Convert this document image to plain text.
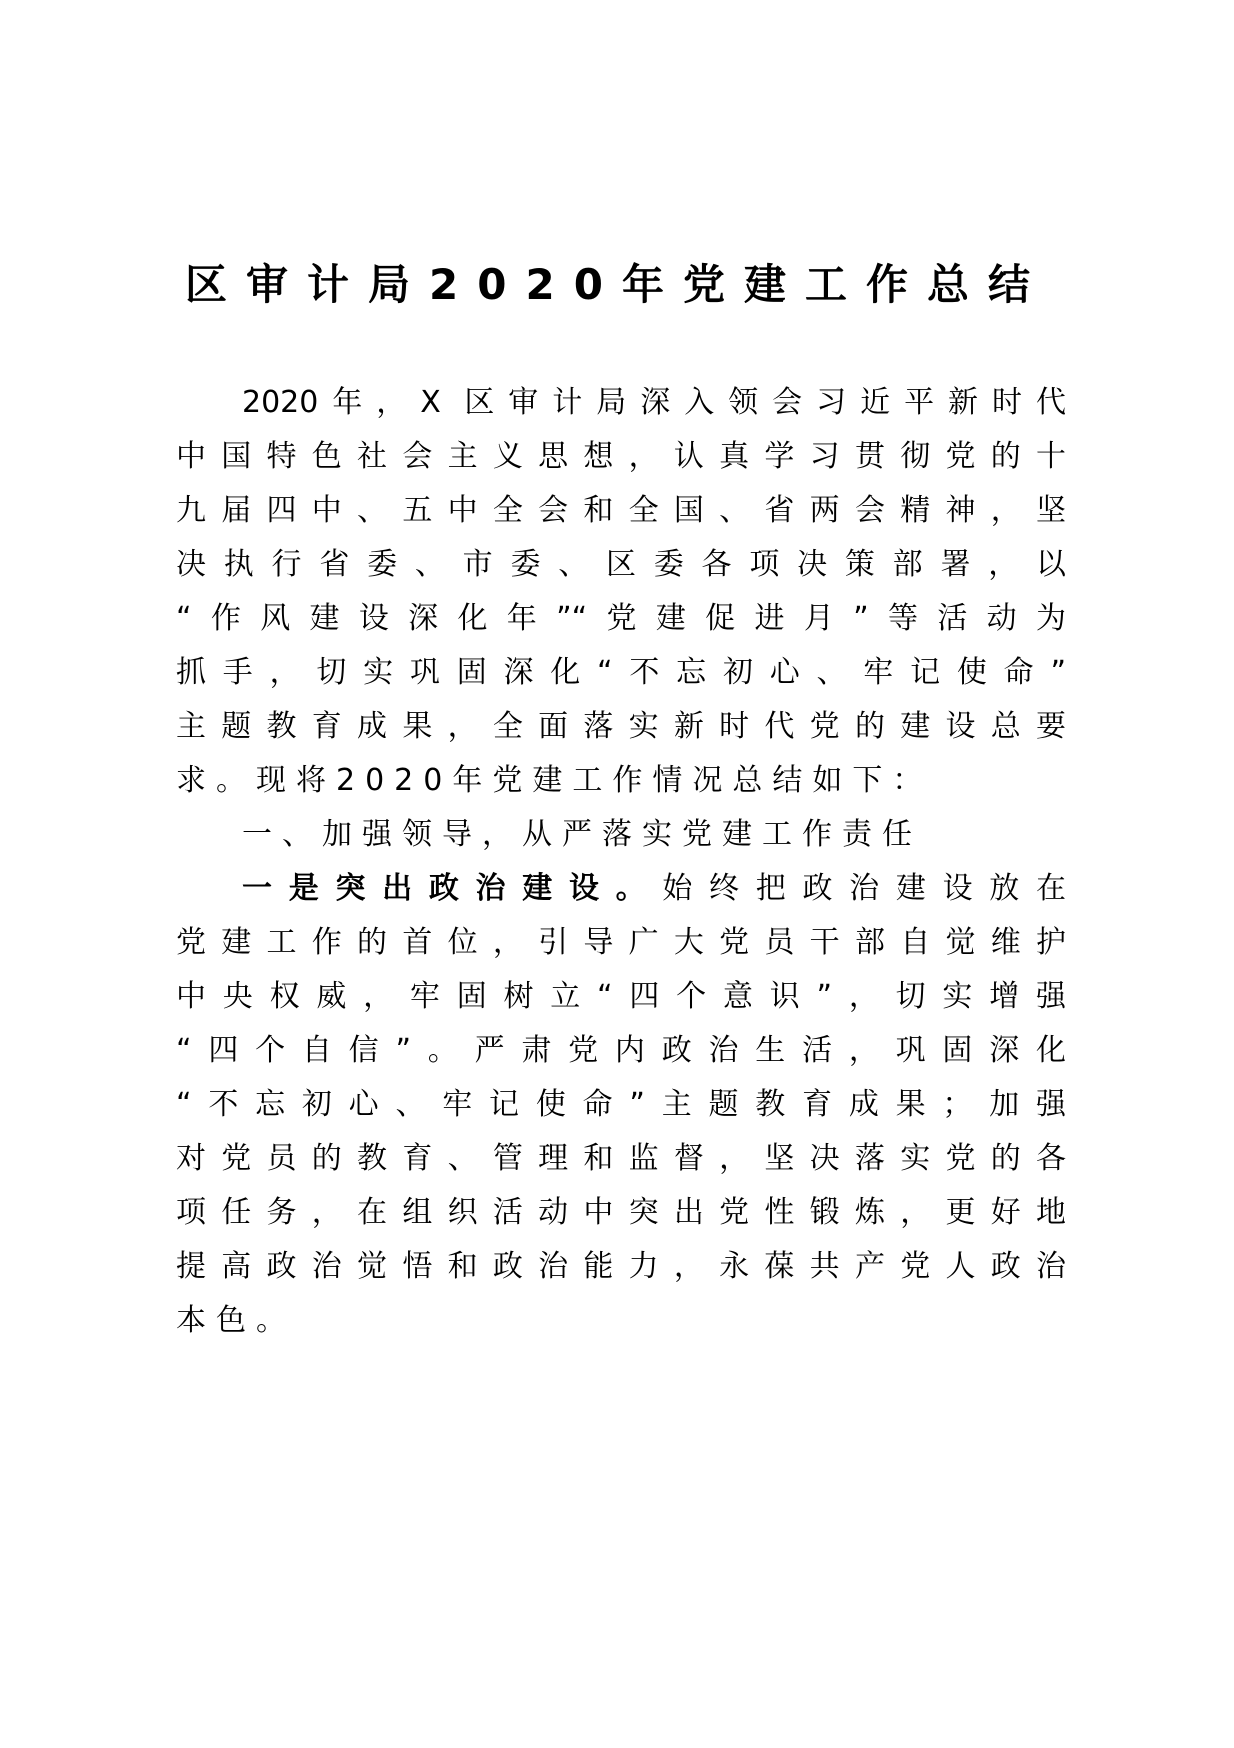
区审计局2020年党建工作总结
2020年，X 区审计局深入领会习近平新时代
中国特色社会主义思想，认真学习贯彻党的十
九届四中、五中全会和全国、省两会精神，坚
决执行省委、市委、区委各项决策部署，以
“作风建设深化年”“党建促进月”等活动为
抓手，切实巩固深化“不忘初心、牢记使命”
主题教育成果，全面落实新时代党的建设总要
求。现将2020年党建工作情况总结如下：
一、加强领导，从严落实党建工作责任
一是突出政治建设。始终把政治建设放在
党建工作的首位，引导广大党员干部自觉维护
中央权威，牢固树立“四个意识”，切实增强
“四个自信”。严肃党内政治生活，巩固深化
“不忘初心、牢记使命”主题教育成果；加强
对党员的教育、管理和监督，坚决落实党的各
项任务，在组织活动中突出党性锻炼，更好地
提高政治觉悟和政治能力，永葆共产党人政治
本色。
